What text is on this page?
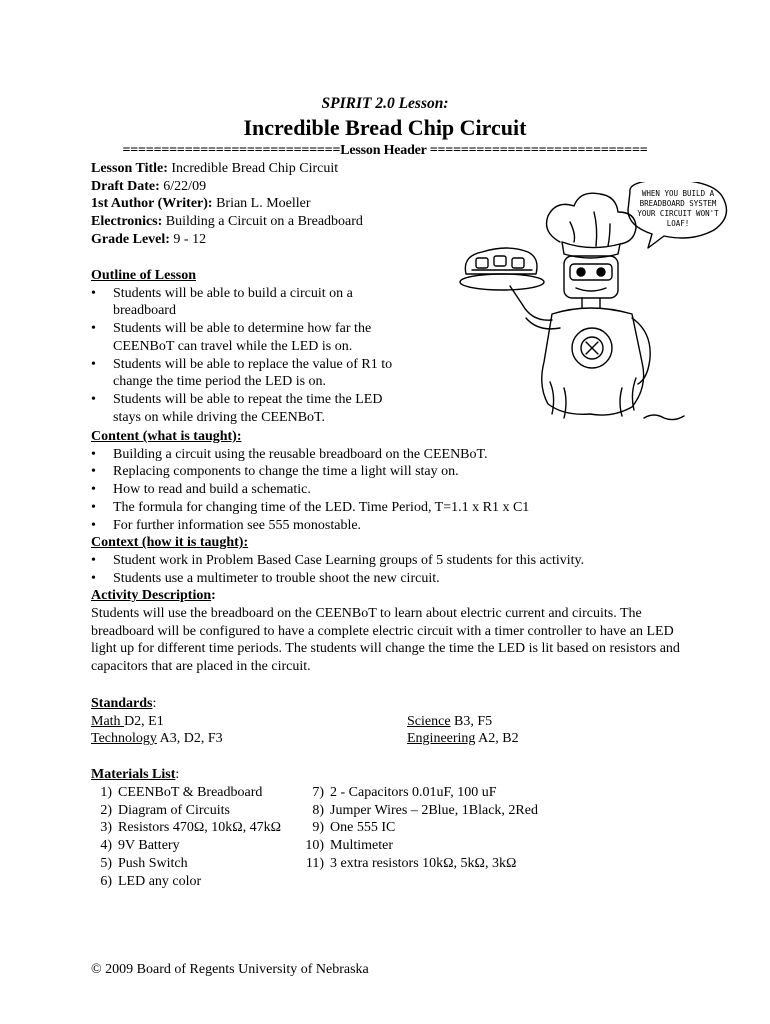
SPIRIT 2.0 Lesson:
Incredible Bread Chip Circuit
============================Lesson Header ============================
Lesson Title: Incredible Bread Chip Circuit
Draft Date: 6/22/09
1st Author (Writer): Brian L. Moeller
Electronics: Building a Circuit on a Breadboard
Grade Level: 9 - 12
Outline of Lesson
• Students will be able to build a circuit on a breadboard
• Students will be able to determine how far the CEENBoT can travel while the LED is on.
• Students will be able to replace the value of R1 to change the time period the LED is on.
• Students will be able to repeat the time the LED stays on while driving the CEENBoT.
WHEN YOU BUILD A
BREADBOARD SYSTEM
YOUR CIRCUIT WON'T
LOAF!
Content (what is taught):
• Building a circuit using the reusable breadboard on the CEENBoT.
• Replacing components to change the time a light will stay on.
• How to read and build a schematic.
• The formula for changing time of the LED. Time Period, T=1.1 x R1 x C1
• For further information see 555 monostable.
Context (how it is taught):
• Student work in Problem Based Case Learning groups of 5 students for this activity.
• Students use a multimeter to trouble shoot the new circuit.
Activity Description:
Students will use the breadboard on the CEENBoT to learn about electric current and circuits. The breadboard will be configured to have a complete electric circuit with a timer controller to have an LED light up for different time periods. The students will change the time the LED is lit based on resistors and capacitors that are placed in the circuit.
Standards:
Math D2, E1	Science B3, F5
Technology A3, D2, F3	Engineering A2, B2
Materials List:
1) CEENBoT & Breadboard
2) Diagram of Circuits
3) Resistors 470Ω, 10kΩ, 47kΩ
4) 9V Battery
5) Push Switch
6) LED any color
7) 2 - Capacitors 0.01uF, 100 uF
8) Jumper Wires – 2Blue, 1Black, 2Red
9) One 555 IC
10) Multimeter
11) 3 extra resistors 10kΩ, 5kΩ, 3kΩ
© 2009 Board of Regents University of Nebraska
